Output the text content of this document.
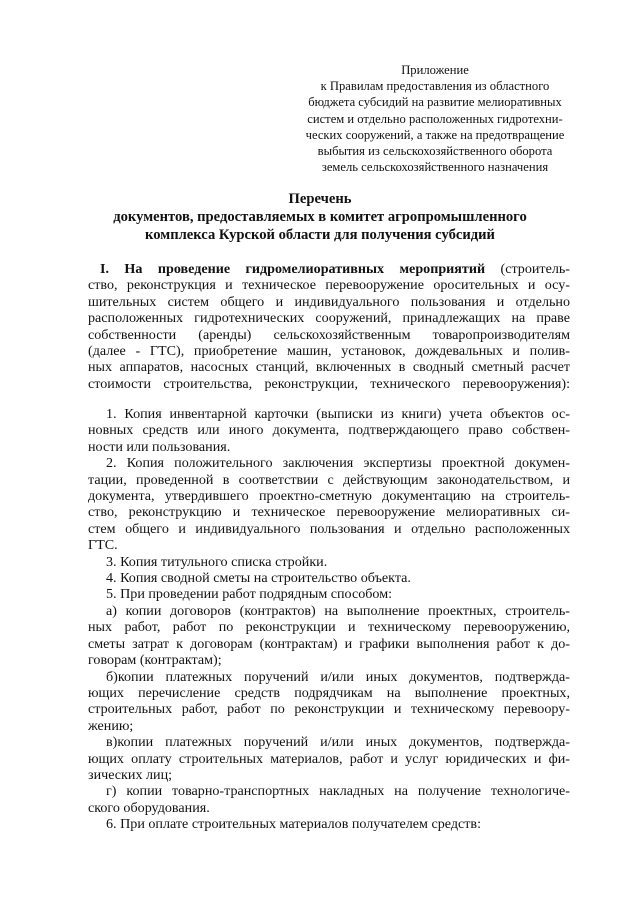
Приложение
к Правилам предоставления из областного
бюджета субсидий на развитие мелиоративных
систем и отдельно расположенных гидротехни-
ческих сооружений, а также на предотвращение
выбытия из сельскохозяйственного оборота
земель сельскохозяйственного назначения
Перечень
документов, предоставляемых в комитет агропромышленного
комплекса Курской области для получения субсидий
I. На проведение гидромелиоративных мероприятий (строитель-
ство, реконструкция и техническое перевооружение оросительных и осу-
шительных систем общего и индивидуального пользования и отдельно
расположенных гидротехнических сооружений, принадлежащих на праве
собственности (аренды) сельскохозяйственным товаропроизводителям
(далее - ГТС), приобретение машин, установок, дождевальных и полив-
ных аппаратов, насосных станций, включенных в сводный сметный расчет
стоимости строительства, реконструкции, технического перевооружения):
1. Копия инвентарной карточки (выписки из книги) учета объектов ос-
новных средств или иного документа, подтверждающего право собствен-
ности или пользования.
2. Копия положительного заключения экспертизы проектной докумен-
тации, проведенной в соответствии с действующим законодательством, и
документа, утвердившего проектно-сметную документацию на строитель-
ство, реконструкцию и техническое перевооружение мелиоративных си-
стем общего и индивидуального пользования и отдельно расположенных
ГТС.
3. Копия титульного списка стройки.
4. Копия сводной сметы на строительство объекта.
5. При проведении работ подрядным способом:
а) копии договоров (контрактов) на выполнение проектных, строитель-
ных работ, работ по реконструкции и техническому перевооружению,
сметы затрат к договорам (контрактам) и графики выполнения работ к до-
говорам (контрактам);
б)копии платежных поручений и/или иных документов, подтвержда-
ющих перечисление средств подрядчикам на выполнение проектных,
строительных работ, работ по реконструкции и техническому перевоору-
жению;
в)копии платежных поручений и/или иных документов, подтвержда-
ющих оплату строительных материалов, работ и услуг юридических и фи-
зических лиц;
г) копии товарно-транспортных накладных на получение технологиче-
ского оборудования.
6. При оплате строительных материалов получателем средств:
